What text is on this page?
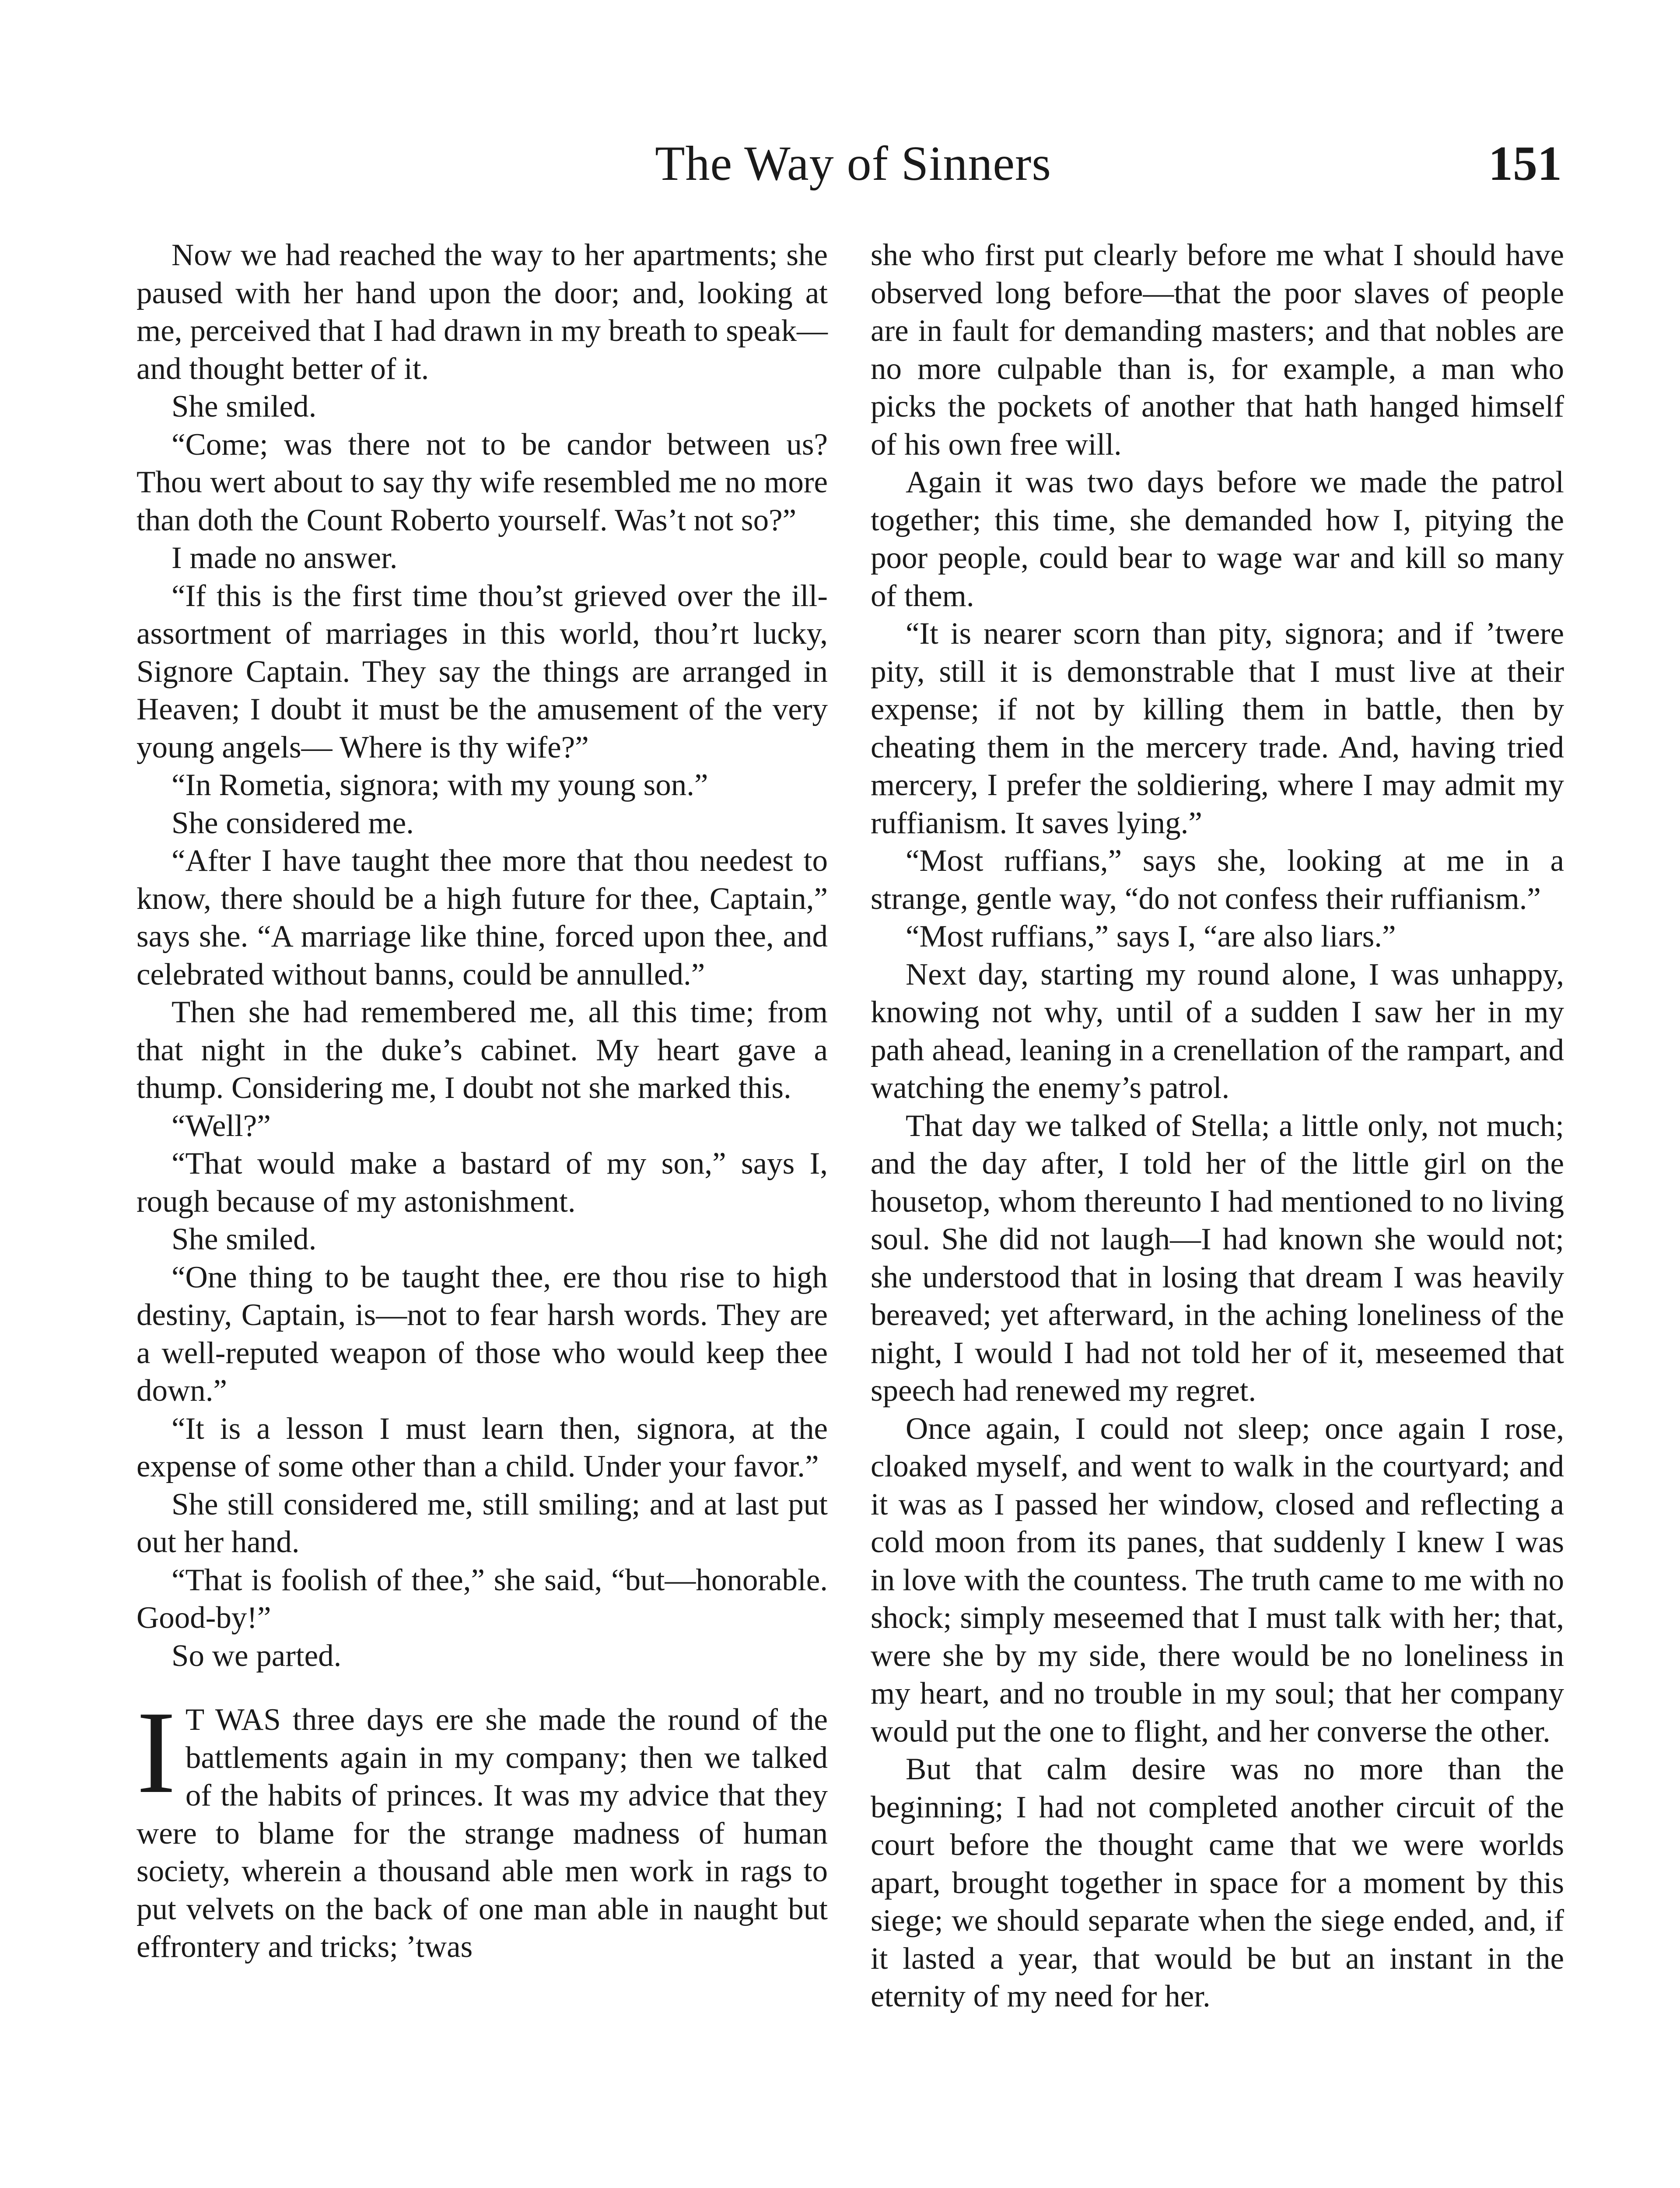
The Way of Sinners	151

Now we had reached the way to her apartments; she paused with her hand upon the door; and, looking at me, perceived that I had drawn in my breath to speak—and thought better of it.

She smiled.

“Come; was there not to be candor between us? Thou wert about to say thy wife resembled me no more than doth the Count Roberto yourself. Was’t not so?”

I made no answer.

“If this is the first time thou’st grieved over the ill-assortment of marriages in this world, thou’rt lucky, Signore Captain. They say the things are arranged in Heaven; I doubt it must be the amusement of the very young angels— Where is thy wife?”

“In Rometia, signora; with my young son.”

She considered me.

“After I have taught thee more that thou needest to know, there should be a high future for thee, Captain,” says she. “A marriage like thine, forced upon thee, and celebrated without banns, could be annulled.”

Then she had remembered me, all this time; from that night in the duke’s cabinet. My heart gave a thump. Considering me, I doubt not she marked this.

“Well?”

“That would make a bastard of my son,” says I, rough because of my astonishment.

She smiled.

“One thing to be taught thee, ere thou rise to high destiny, Captain, is—not to fear harsh words. They are a well-reputed weapon of those who would keep thee down.”

“It is a lesson I must learn then, signora, at the expense of some other than a child. Under your favor.”

She still considered me, still smiling; and at last put out her hand.

“That is foolish of thee,” she said, “but—honorable. Good-by!”

So we parted.

I T WAS three days ere she made the round of the battlements again in my company; then we talked of the habits of princes. It was my advice that they were to blame for the strange madness of human society, wherein a thousand able men work in rags to put velvets on the back of one man able in naught but effrontery and tricks; ’twas

she who first put clearly before me what I should have observed long before—that the poor slaves of people are in fault for demanding masters; and that nobles are no more culpable than is, for example, a man who picks the pockets of another that hath hanged himself of his own free will.

Again it was two days before we made the patrol together; this time, she demanded how I, pitying the poor people, could bear to wage war and kill so many of them.

“It is nearer scorn than pity, signora; and if ’twere pity, still it is demonstrable that I must live at their expense; if not by killing them in battle, then by cheating them in the mercery trade. And, having tried mercery, I prefer the soldiering, where I may admit my ruffianism. It saves lying.”

“Most ruffians,” says she, looking at me in a strange, gentle way, “do not confess their ruffianism.”

“Most ruffians,” says I, “are also liars.”

Next day, starting my round alone, I was unhappy, knowing not why, until of a sudden I saw her in my path ahead, leaning in a crenellation of the rampart, and watching the enemy’s patrol.

That day we talked of Stella; a little only, not much; and the day after, I told her of the little girl on the housetop, whom thereunto I had mentioned to no living soul. She did not laugh—I had known she would not; she understood that in losing that dream I was heavily bereaved; yet afterward, in the aching loneliness of the night, I would I had not told her of it, meseemed that speech had renewed my regret.

Once again, I could not sleep; once again I rose, cloaked myself, and went to walk in the courtyard; and it was as I passed her window, closed and reflecting a cold moon from its panes, that suddenly I knew I was in love with the countess. The truth came to me with no shock; simply meseemed that I must talk with her; that, were she by my side, there would be no loneliness in my heart, and no trouble in my soul; that her company would put the one to flight, and her converse the other.

But that calm desire was no more than the beginning; I had not completed another circuit of the court before the thought came that we were worlds apart, brought together in space for a moment by this siege; we should separate when the siege ended, and, if it lasted a year, that would be but an instant in the eternity of my need for her.
